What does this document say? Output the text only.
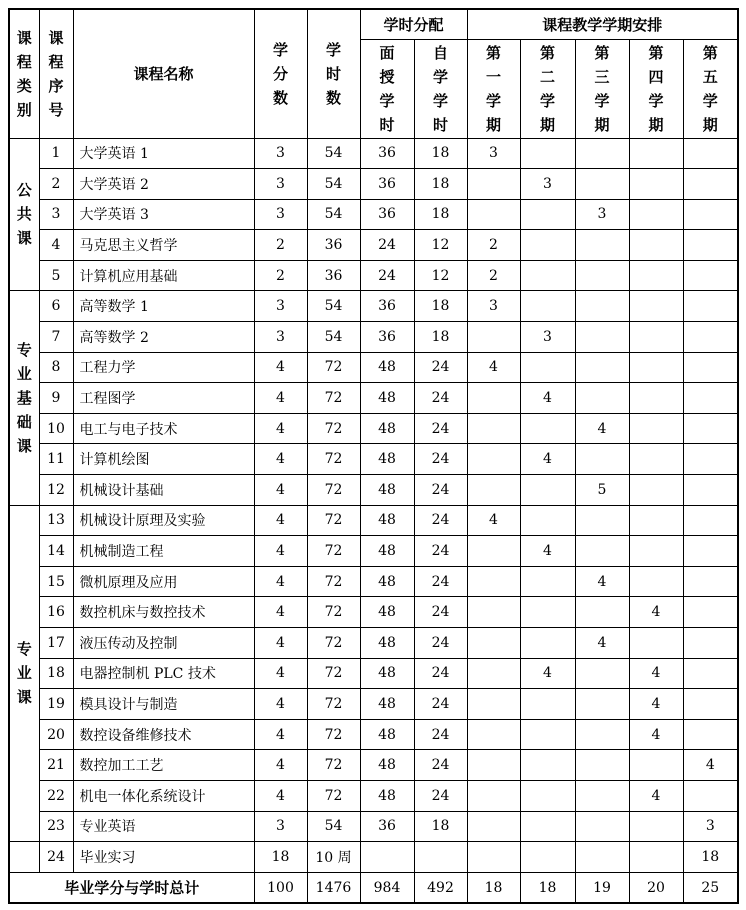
课程类别	课程序号	课程名称	学分数	学时数	学时分配		课程教学学期安排				
					面授学时	自学学时	第一学期	第二学期	第三学期	第四学期	第五学期
公共课	1	大学英语 1	3	54	36	18	3				
	2	大学英语 2	3	54	36	18		3			
	3	大学英语 3	3	54	36	18			3		
	4	马克思主义哲学	2	36	24	12	2				
	5	计算机应用基础	2	36	24	12	2				
专业基础课	6	高等数学 1	3	54	36	18	3				
	7	高等数学 2	3	54	36	18		3			
	8	工程力学	4	72	48	24	4				
	9	工程图学	4	72	48	24		4			
	10	电工与电子技术	4	72	48	24			4		
	11	计算机绘图	4	72	48	24		4			
	12	机械设计基础	4	72	48	24			5		
专业课	13	机械设计原理及实验	4	72	48	24	4				
	14	机械制造工程	4	72	48	24		4			
	15	微机原理及应用	4	72	48	24			4		
	16	数控机床与数控技术	4	72	48	24				4	
	17	液压传动及控制	4	72	48	24			4		
	18	电器控制机 PLC 技术	4	72	48	24		4		4	
	19	模具设计与制造	4	72	48	24				4	
	20	数控设备维修技术	4	72	48	24				4	
	21	数控加工工艺	4	72	48	24					4
	22	机电一体化系统设计	4	72	48	24				4	
	23	专业英语	3	54	36	18					3
	24	毕业实习	18	10 周							18
毕业学分与学时总计			100	1476	984	492	18	18	19	20	25
